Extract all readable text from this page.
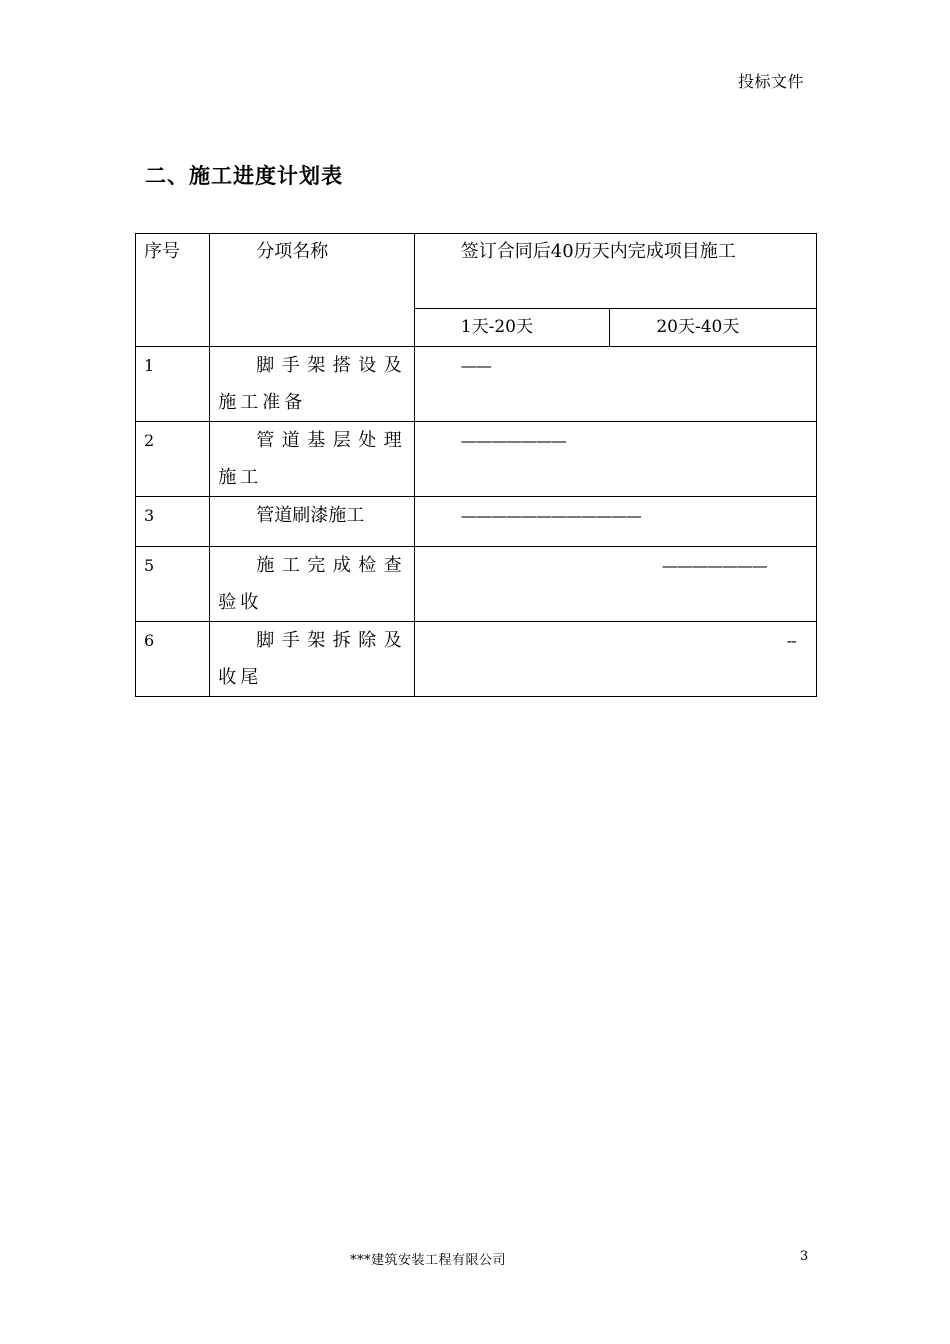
投标文件
二、施工进度计划表
序号	分项名称	签订合同后40历天内完成项目施工	
		1天-20天	20天-40天
1	脚手架搭设及施工准备	——	

2	管道基层处理施工	———————	

3	管道刷漆施工	————————————	

5	施工完成检查验收	———————	

6	脚手架拆除及收尾	--	
***建筑安装工程有限公司	3
